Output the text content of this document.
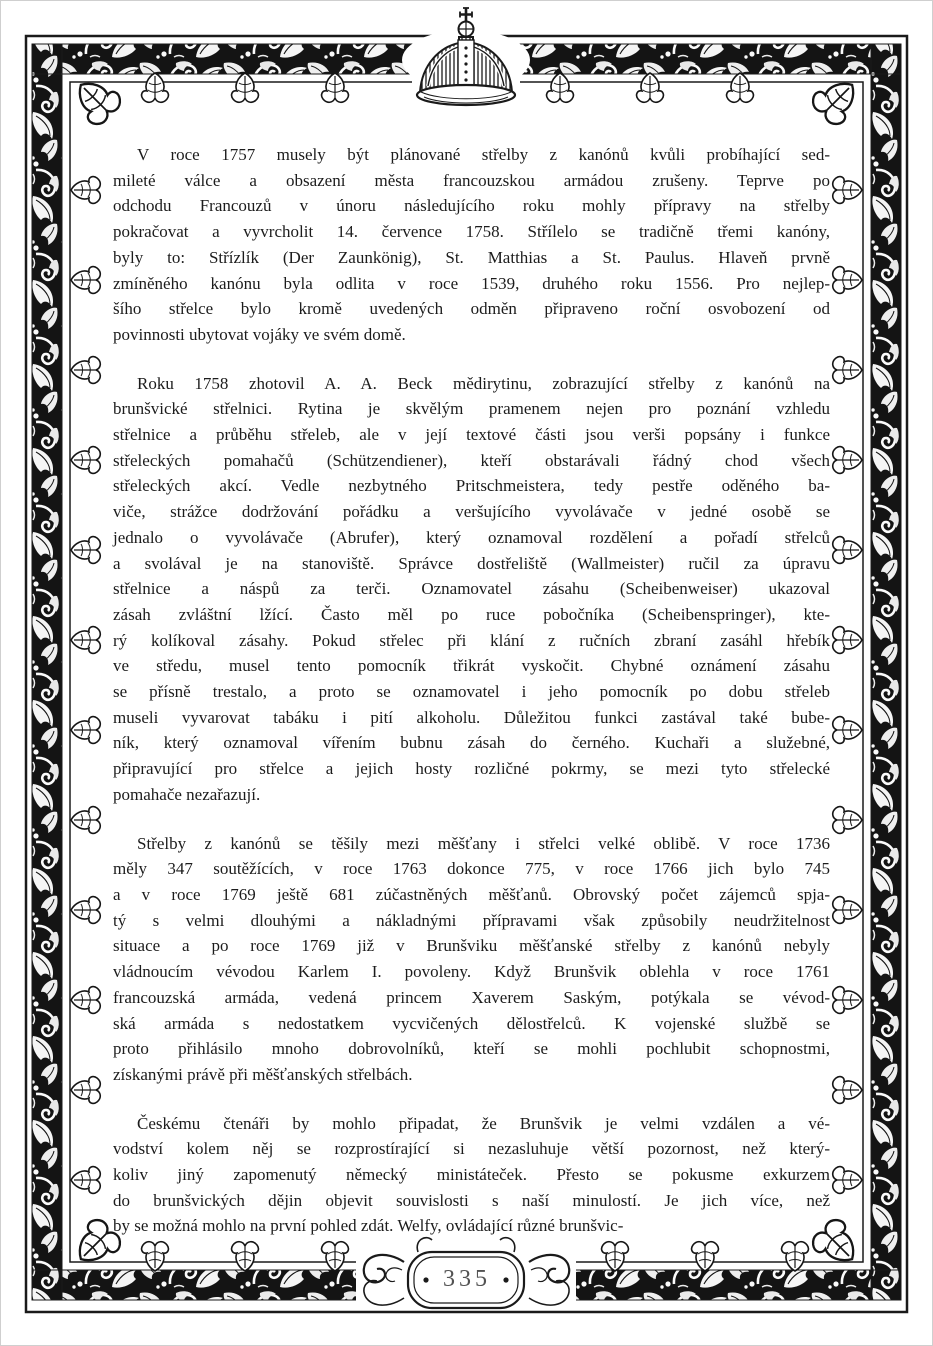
V roce 1757 musely být plánované střelby z kanónů kvůli probíhající sed-
mileté válce a obsazení města francouzskou armádou zrušeny. Teprve po
odchodu Francouzů v únoru následujícího roku mohly přípravy na střelby
pokračovat a vyvrcholit 14. července 1758. Střílelo se tradičně třemi kanóny,
byly to: Střízlík (Der Zaunkönig), St. Matthias a St. Paulus. Hlaveň prvně
zmíněného kanónu byla odlita v roce 1539, druhého roku 1556. Pro nejlep-
šího střelce bylo kromě uvedených odměn připraveno roční osvobození od
povinnosti ubytovat vojáky ve svém domě.

Roku 1758 zhotovil A. A. Beck mědirytinu, zobrazující střelby z kanónů na
brunšvické střelnici. Rytina je skvělým pramenem nejen pro poznání vzhledu
střelnice a průběhu střeleb, ale v její textové části jsou verši popsány i funkce
střeleckých pomahačů (Schützendiener), kteří obstarávali řádný chod všech
střeleckých akcí. Vedle nezbytného Pritschmeistera, tedy pestře oděného ba-
viče, strážce dodržování pořádku a veršujícího vyvolávače v jedné osobě se
jednalo o vyvolávače (Abrufer), který oznamoval rozdělení a pořadí střelců
a svolával je na stanoviště. Správce dostřeliště (Wallmeister) ručil za úpravu
střelnice a náspů za terči. Oznamovatel zásahu (Scheibenweiser) ukazoval
zásah zvláštní lžící. Často měl po ruce pobočníka (Scheibenspringer), kte-
rý kolíkoval zásahy. Pokud střelec při klání z ručních zbraní zasáhl hřebík
ve středu, musel tento pomocník třikrát vyskočit. Chybné oznámení zásahu
se přísně trestalo, a proto se oznamovatel i jeho pomocník po dobu střeleb
museli vyvarovat tabáku i pití alkoholu. Důležitou funkci zastával také bube-
ník, který oznamoval vířením bubnu zásah do černého. Kuchaři a služebné,
připravující pro střelce a jejich hosty rozličné pokrmy, se mezi tyto střelecké
pomahače nezařazují.

Střelby z kanónů se těšily mezi měšťany i střelci velké oblibě. V roce 1736
měly 347 soutěžících, v roce 1763 dokonce 775, v roce 1766 jich bylo 745
a v roce 1769 ještě 681 zúčastněných měšťanů. Obrovský počet zájemců spja-
tý s velmi dlouhými a nákladnými přípravami však způsobily neudržitelnost
situace a po roce 1769 již v Brunšviku měšťanské střelby z kanónů nebyly
vládnoucím vévodou Karlem I. povoleny. Když Brunšvik oblehla v roce 1761
francouzská armáda, vedená princem Xaverem Saským, potýkala se vévod-
ská armáda s nedostatkem vycvičených dělostřelců. K vojenské službě se
proto přihlásilo mnoho dobrovolníků, kteří se mohli pochlubit schopnostmi,
získanými právě při měšťanských střelbách.

Českému čtenáři by mohlo připadat, že Brunšvik je velmi vzdálen a vé-
vodství kolem něj se rozprostírající si nezasluhuje větší pozornost, než který-
koliv jiný zapomenutý německý ministáteček. Přesto se pokusme exkurzem
do brunšvických dějin objevit souvislosti s naší minulostí. Je jich více, než
by se možná mohlo na první pohled zdát. Welfy, ovládající různé brunšvic-

335
